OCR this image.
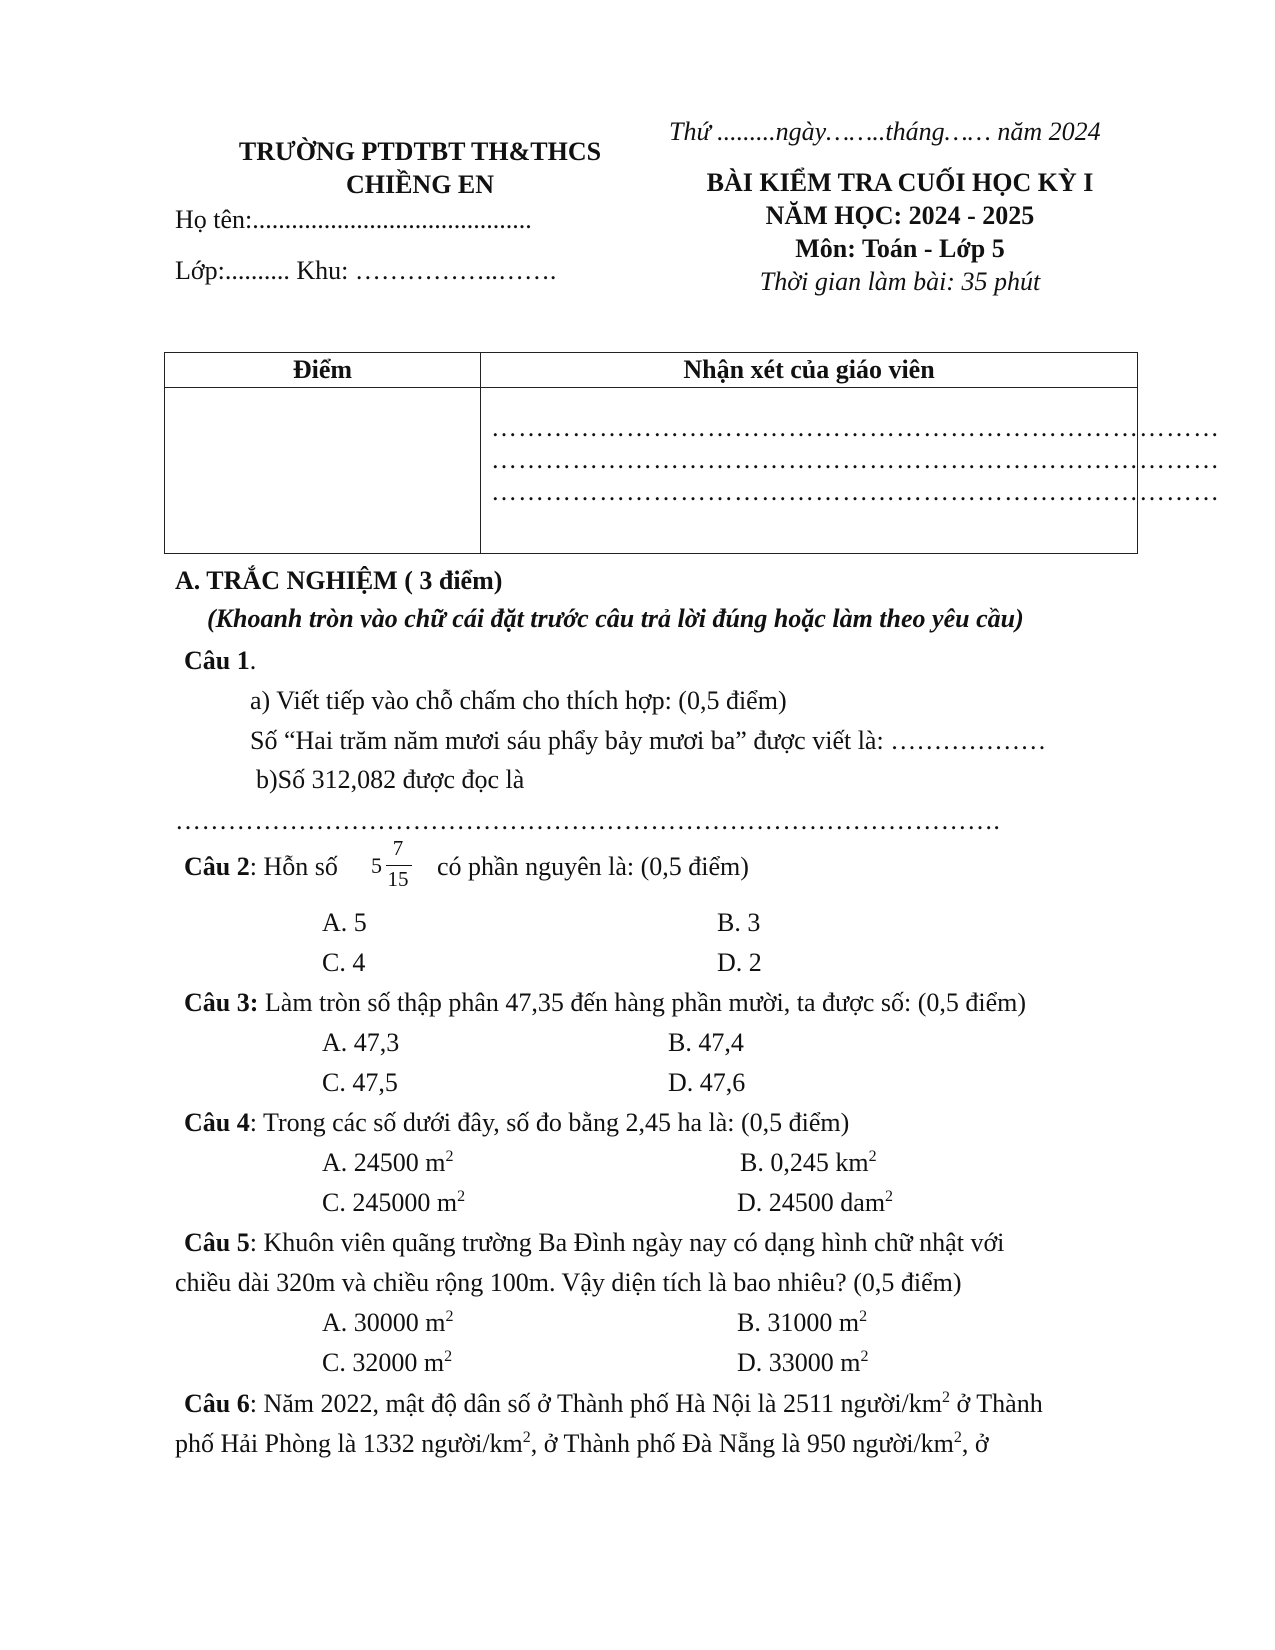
Thứ .........ngày……..tháng…… năm 2024
TRƯỜNG PTDTBT TH&THCS
CHIỀNG EN
Họ tên:...........................................
Lớp:.......... Khu: ……………..…….
BÀI KIỂM TRA CUỐI HỌC KỲ I
NĂM HỌC: 2024 - 2025
Môn: Toán - Lớp 5
Thời gian làm bài: 35 phút
Điểm	Nhận xét của giáo viên
………………………………………………………………………
………………………………………………………………………
………………………………………………………………………
A. TRẮC NGHIỆM ( 3 điểm)
(Khoanh tròn vào chữ cái đặt trước câu trả lời đúng hoặc làm theo yêu cầu)
Câu 1.
a) Viết tiếp vào chỗ chấm cho thích hợp: (0,5 điểm)
Số “Hai trăm năm mươi sáu phẩy bảy mươi ba” được viết là: ………………
b)Số 312,082 được đọc là
………………………………………………………………………………….
Câu 2: Hỗn số 5
7
15 có phần nguyên là: (0,5 điểm)
A. 5	B. 3
C. 4	D. 2
Câu 3: Làm tròn số thập phân 47,35 đến hàng phần mười, ta được số: (0,5 điểm)
A. 47,3	B. 47,4
C. 47,5	D. 47,6
Câu 4: Trong các số dưới đây, số đo bằng 2,45 ha là: (0,5 điểm)
A. 24500 $m^2$	B. 0,245 $km^2$
C. 245000 $m^2$	D. 24500 dam$^2$
Câu 5: Khuôn viên quãng trường Ba Đình ngày nay có dạng hình chữ nhật với
chiều dài 320m và chiều rộng 100m. Vậy diện tích là bao nhiêu? (0,5 điểm)
A. 30000 $m^2$	B. 31000 $m^2$
C. 32000 $m^2$	D. 33000 $m^2$
Câu 6: Năm 2022, mật độ dân số ở Thành phố Hà Nội là 2511 người/$km^2$ ở Thành
phố Hải Phòng là 1332 người/$km^2$, ở Thành phố Đà Nẵng là 950 người/$km^2$, ở
